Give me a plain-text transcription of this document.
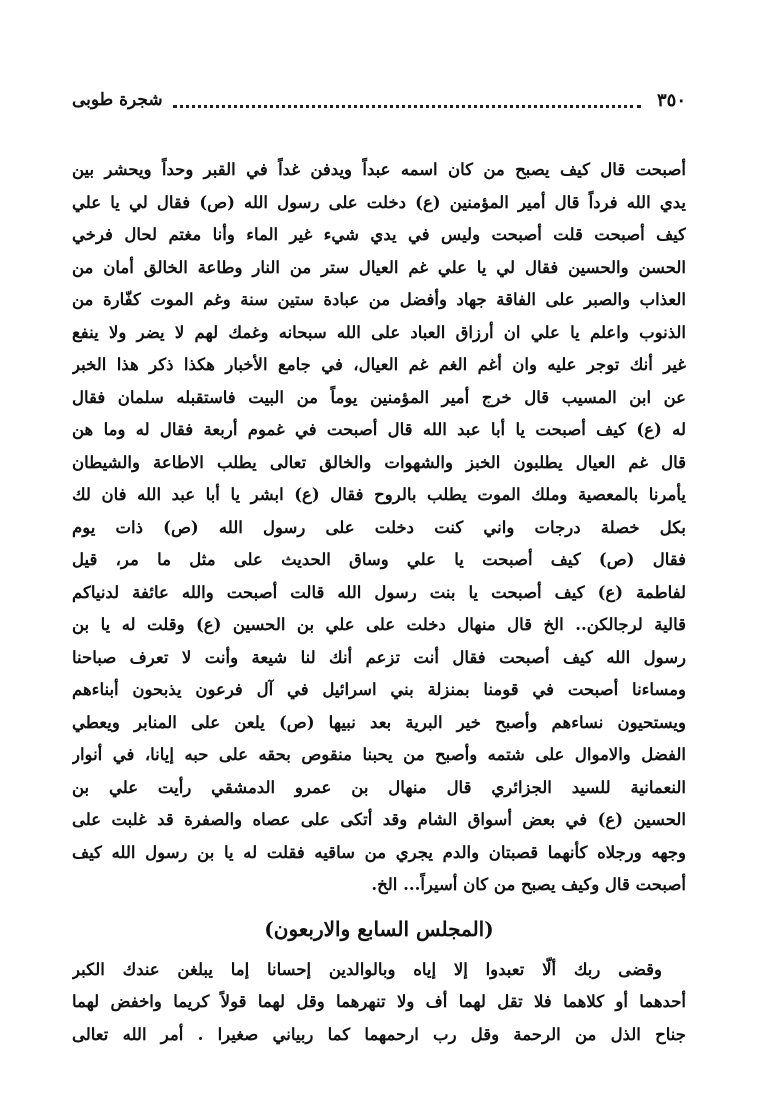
٣٥٠
شجرة طوبى
أصبحت قال كيف يصبح من كان اسمه عبداً ويدفن غداً في القبر وحداً ويحشر بين
يدي الله فرداً قال أمير المؤمنين (ع) دخلت على رسول الله (ص) فقال لي يا علي
كيف أصبحت قلت أصبحت وليس في يدي شيء غير الماء وأنا مغتم لحال فرخي
الحسن والحسين فقال لي يا علي غم العيال ستر من النار وطاعة الخالق أمان من
العذاب والصبر على الفاقة جهاد وأفضل من عبادة ستين سنة وغم الموت كفّارة من
الذنوب واعلم يا علي ان أرزاق العباد على الله سبحانه وغمك لهم لا يضر ولا ينفع
غير أنك توجر عليه وان أغم الغم غم العيال، في جامع الأخبار هكذا ذكر هذا الخبر
عن ابن المسيب قال خرج أمير المؤمنين يوماً من البيت فاستقبله سلمان فقال
له (ع) كيف أصبحت يا أبا عبد الله قال أصبحت في غموم أربعة فقال له وما هن
قال غم العيال يطلبون الخبز والشهوات والخالق تعالى يطلب الاطاعة والشيطان
يأمرنا بالمعصية وملك الموت يطلب بالروح فقال (ع) ابشر يا أبا عبد الله فان لك
بكل خصلة درجات واني كنت دخلت على رسول الله (ص) ذات يوم
فقال (ص) كيف أصبحت يا علي وساق الحديث على مثل ما مر، قيل
لفاطمة (ع) كيف أصبحت يا بنت رسول الله قالت أصبحت والله عائفة لدنياكم
قالية لرجالكن.. الخ قال منهال دخلت على علي بن الحسين (ع) وقلت له يا بن
رسول الله كيف أصبحت فقال أنت تزعم أنك لنا شيعة وأنت لا تعرف صباحنا
ومساءنا أصبحت في قومنا بمنزلة بني اسرائيل في آل فرعون يذبحون أبناءهم
ويستحيون نساءهم وأصبح خير البرية بعد نبيها (ص) يلعن على المنابر ويعطي
الفضل والاموال على شتمه وأصبح من يحبنا منقوص بحقه على حبه إيانا، في أنوار
النعمانية للسيد الجزائري قال منهال بن عمرو الدمشقي رأيت علي بن
الحسين (ع) في بعض أسواق الشام وقد أتكى على عصاه والصفرة قد غلبت على
وجهه ورجلاه كأنهما قصبتان والدم يجري من ساقيه فقلت له يا بن رسول الله كيف
أصبحت قال وكيف يصبح من كان أسيراً... الخ.
(المجلس السابع والاربعون)
وقضى ربك ألّا تعبدوا إلا إياه وبالوالدين إحسانا إما يبلغن عندك الكبر
أحدهما أو كلاهما فلا تقل لهما أف ولا تنهرهما وقل لهما قولاً كريما واخفض لهما
جناح الذل من الرحمة وقل رب ارحمهما كما ربياني صغيرا . أمر الله تعالى
